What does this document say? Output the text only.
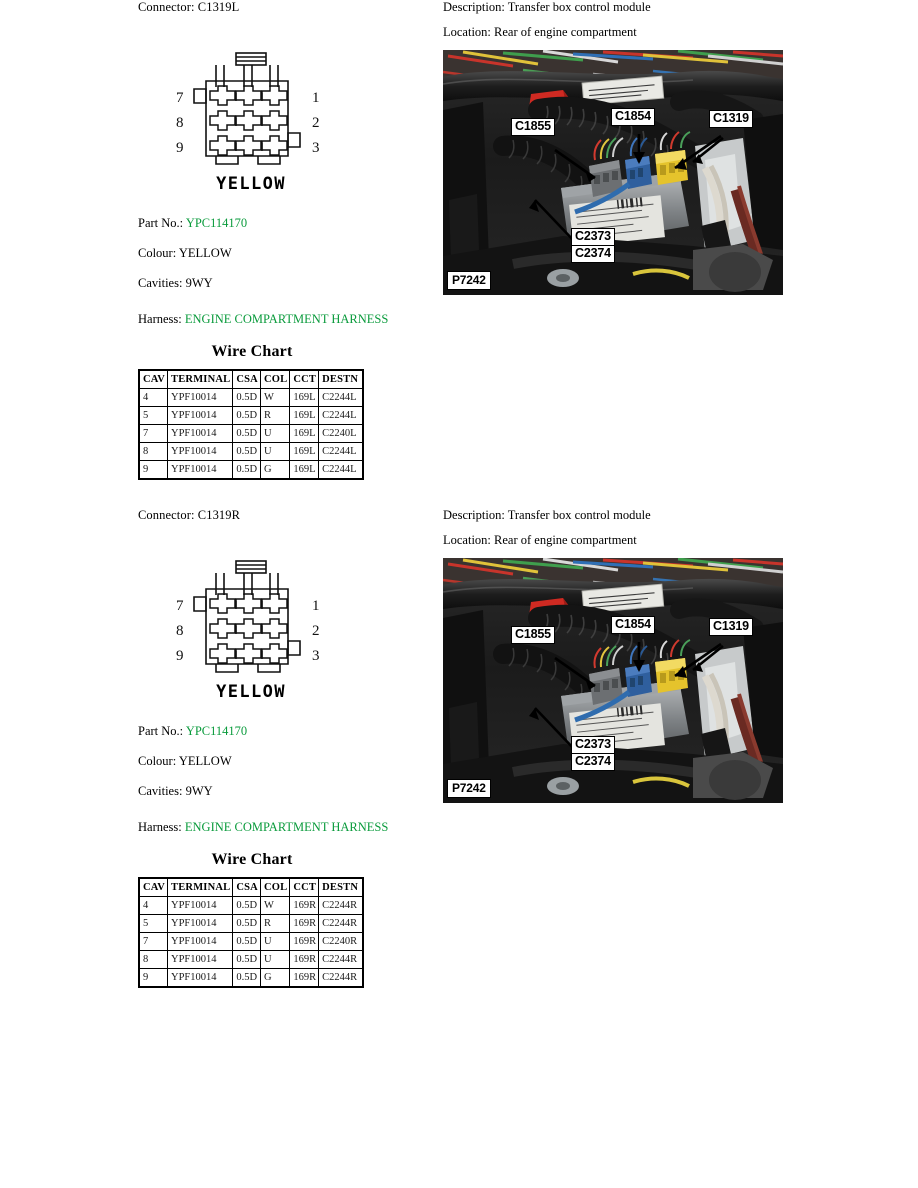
Connector: C1319L
7
8
9
1
2
3
YELLOW
Part No.: YPC114170
Colour: YELLOW
Cavities: 9WY
Harness: ENGINE COMPARTMENT HARNESS
Wire Chart
CAV	TERMINAL	CSA	COL	CCT	DESTN
4	YPF10014	0.5D	W	169L	C2244L
5	YPF10014	0.5D	R	169L	C2244L
7	YPF10014	0.5D	U	169L	C2240L
8	YPF10014	0.5D	U	169L	C2244L
9	YPF10014	0.5D	G	169L	C2244L
Description: Transfer box control module
Location: Rear of engine compartment
C1855
C1854	C1319
C2373
C2374
P7242
Connector: C1319R
7
8
9
1
2
3
YELLOW
Part No.: YPC114170
Colour: YELLOW
Cavities: 9WY
Harness: ENGINE COMPARTMENT HARNESS
Wire Chart
CAV	TERMINAL	CSA	COL	CCT	DESTN
4	YPF10014	0.5D	W	169R	C2244R
5	YPF10014	0.5D	R	169R	C2244R
7	YPF10014	0.5D	U	169R	C2240R
8	YPF10014	0.5D	U	169R	C2244R
9	YPF10014	0.5D	G	169R	C2244R
Description: Transfer box control module
Location: Rear of engine compartment
C1855
C1854	C1319
C2373
C2374
P7242
